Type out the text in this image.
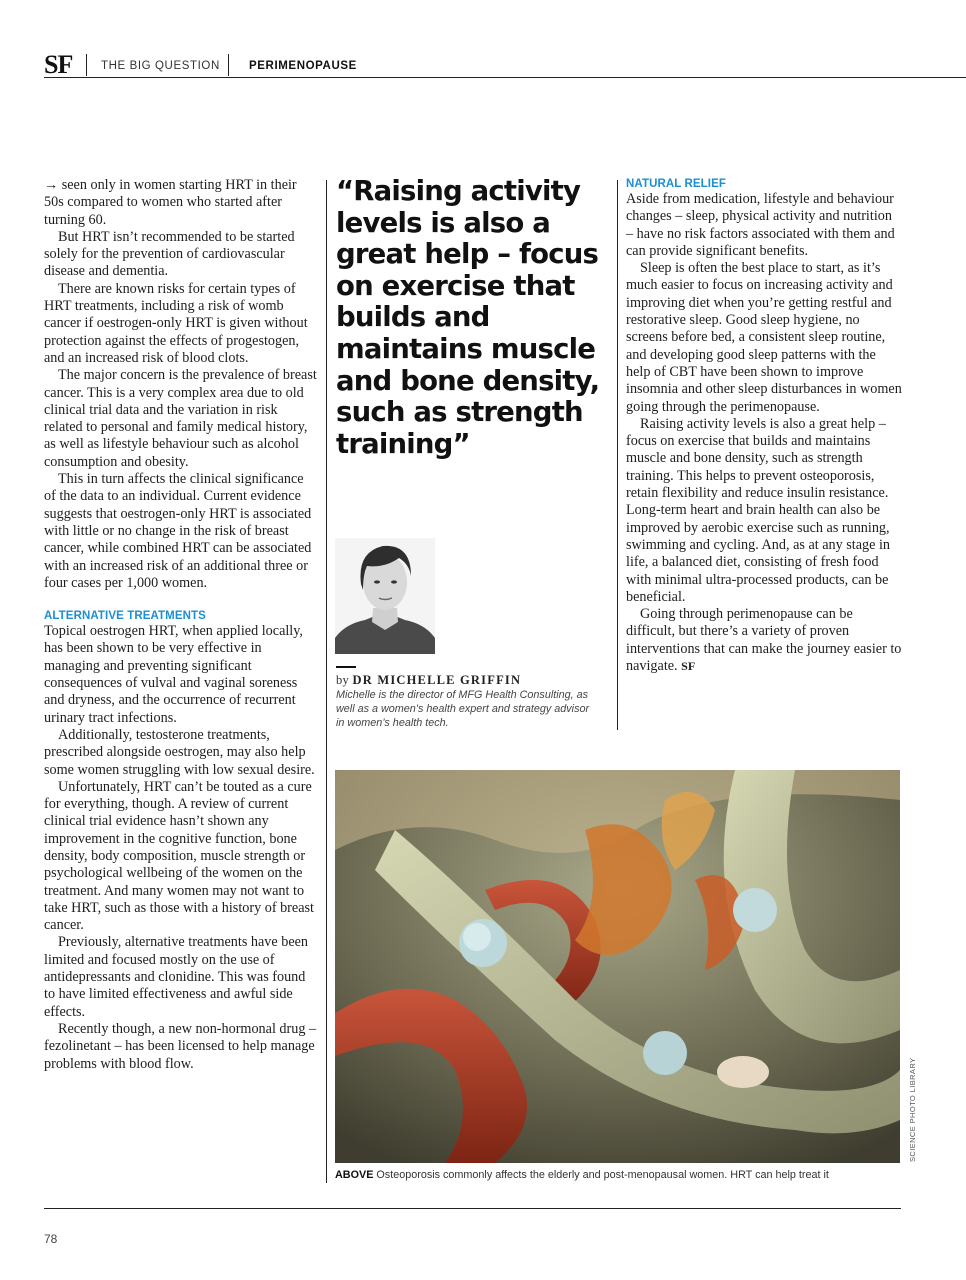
SF THE BIG QUESTION	PERIMENOPAUSE

→ seen only in women starting HRT in their 50s compared to women who started after turning 60.

But HRT isn’t recommended to be started solely for the prevention of cardiovascular disease and dementia.

There are known risks for certain types of HRT treatments, including a risk of womb cancer if oestrogen-only HRT is given without protection against the effects of progestogen, and an increased risk of blood clots.

The major concern is the prevalence of breast cancer. This is a very complex area due to old clinical trial data and the variation in risk related to personal and family medical history, as well as lifestyle behaviour such as alcohol consumption and obesity.

This in turn affects the clinical significance of the data to an individual. Current evidence suggests that oestrogen-only HRT is associated with little or no change in the risk of breast cancer, while combined HRT can be associated with an increased risk of an additional three or four cases per 1,000 women.

ALTERNATIVE TREATMENTS

Topical oestrogen HRT, when applied locally, has been shown to be very effective in managing and preventing significant consequences of vulval and vaginal soreness and dryness, and the occurrence of recurrent urinary tract infections.

Additionally, testosterone treatments, prescribed alongside oestrogen, may also help some women struggling with low sexual desire.

Unfortunately, HRT can’t be touted as a cure for everything, though. A review of current clinical trial evidence hasn’t shown any improvement in the cognitive function, bone density, body composition, muscle strength or psychological wellbeing of the women on the treatment. And many women may not want to take HRT, such as those with a history of breast cancer.

Previously, alternative treatments have been limited and focused mostly on the use of antidepressants and clonidine. This was found to have limited effectiveness and awful side effects.

Recently though, a new non-hormonal drug – fezolinetant – has been licensed to help manage problems with blood flow.

“Raising activity levels is also a great help – focus on exercise that builds and maintains muscle and bone density, such as strength training”
by DR MICHELLE GRIFFIN
Michelle is the director of MFG Health Consulting, as well as a women’s health expert and strategy advisor in women’s health tech.
NATURAL RELIEF

Aside from medication, lifestyle and behaviour changes – sleep, physical activity and nutrition – have no risk factors associated with them and can provide significant benefits.

Sleep is often the best place to start, as it’s much easier to focus on increasing activity and improving diet when you’re getting restful and restorative sleep. Good sleep hygiene, no screens before bed, a consistent sleep routine, and developing good sleep patterns with the help of CBT have been shown to improve insomnia and other sleep disturbances in women going through the perimenopause.

Raising activity levels is also a great help – focus on exercise that builds and maintains muscle and bone density, such as strength training. This helps to prevent osteoporosis, retain flexibility and reduce insulin resistance. Long-term heart and brain health can also be improved by aerobic exercise such as running, swimming and cycling. And, as at any stage in life, a balanced diet, consisting of fresh food with minimal ultra-processed products, can be beneficial.

Going through perimenopause can be difficult, but there’s a variety of proven interventions that can make the journey easier to navigate. SF

SCIENCE PHOTO LIBRARY
ABOVE Osteoporosis commonly affects the elderly and post-menopausal women. HRT can help treat it
78
